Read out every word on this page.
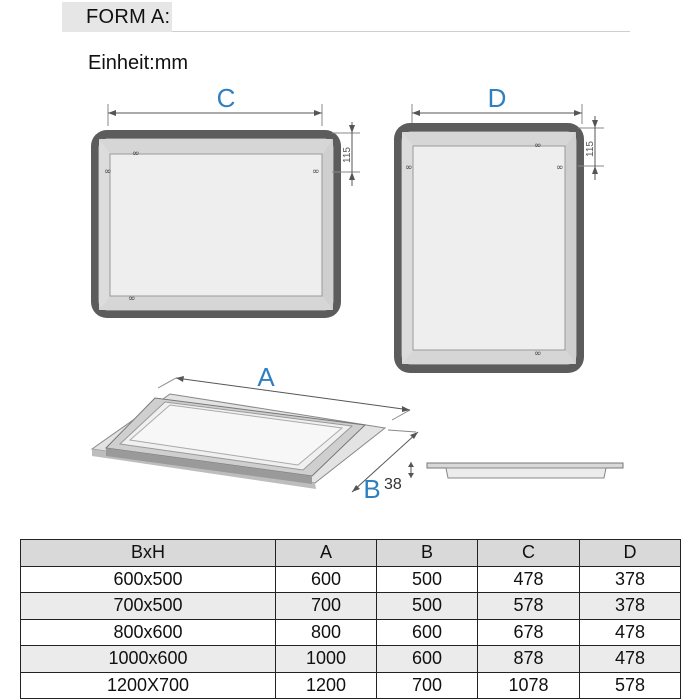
FORM A:
Einheit:mm
C
∞
∞
∞
∞
115
D
∞
∞	∞
∞
115
A
B 38
BxH	A	B	C	D
600x500	600	500	478	378
700x500	700	500	578	378
800x600	800	600	678	478
1000x600	1000	600	878	478
1200X700	1200	700	1078	578
